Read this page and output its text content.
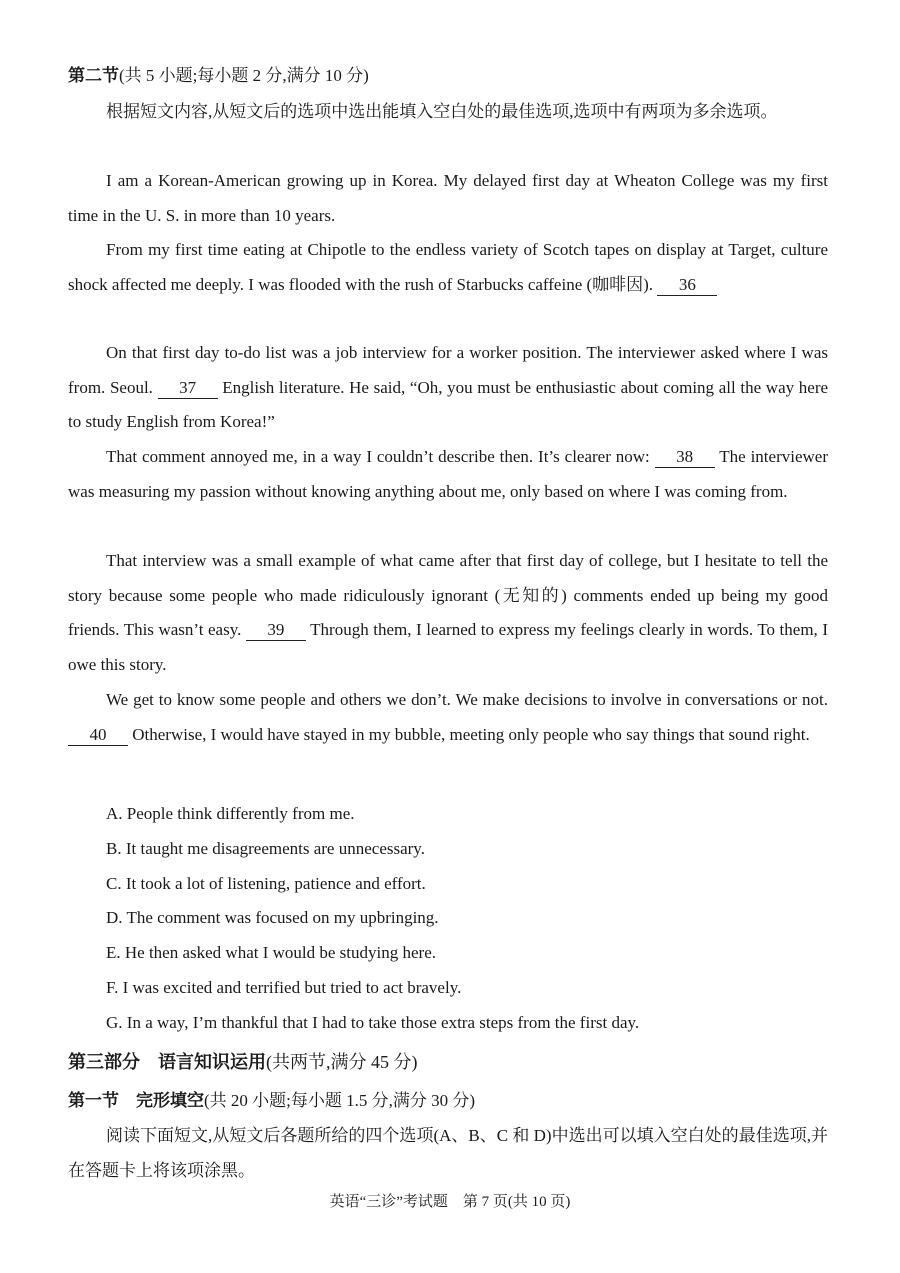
第二节(共 5 小题;每小题 2 分,满分 10 分)
根据短文内容,从短文后的选项中选出能填入空白处的最佳选项,选项中有两项为多余选项。
I am a Korean-American growing up in Korea. My delayed first day at Wheaton College was my first time in the U. S. in more than 10 years.
From my first time eating at Chipotle to the endless variety of Scotch tapes on display at Target, culture shock affected me deeply. I was flooded with the rush of Starbucks caffeine (咖啡因). 36
On that first day to-do list was a job interview for a worker position. The interviewer asked where I was from. Seoul. 37 English literature. He said, “Oh, you must be enthusiastic about coming all the way here to study English from Korea!”
That comment annoyed me, in a way I couldn’t describe then. It’s clearer now: 38 The interviewer was measuring my passion without knowing anything about me, only based on where I was coming from.
That interview was a small example of what came after that first day of college, but I hesitate to tell the story because some people who made ridiculously ignorant (无知的) comments ended up being my good friends. This wasn’t easy. 39 Through them, I learned to express my feelings clearly in words. To them, I owe this story.
We get to know some people and others we don’t. We make decisions to involve in conversations or not. 40 Otherwise, I would have stayed in my bubble, meeting only people who say things that sound right.
A. People think differently from me.
B. It taught me disagreements are unnecessary.
C. It took a lot of listening, patience and effort.
D. The comment was focused on my upbringing.
E. He then asked what I would be studying here.
F. I was excited and terrified but tried to act bravely.
G. In a way, I’m thankful that I had to take those extra steps from the first day.
第三部分　语言知识运用(共两节,满分 45 分)
第一节　完形填空(共 20 小题;每小题 1.5 分,满分 30 分)
阅读下面短文,从短文后各题所给的四个选项(A、B、C 和 D)中选出可以填入空白处的最佳选项,并在答题卡上将该项涂黑。
英语“三诊”考试题　第 7 页(共 10 页)
